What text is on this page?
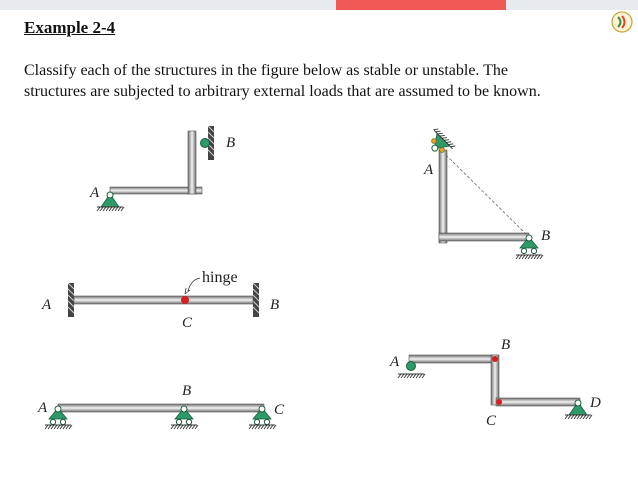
Example 2-4
Classify each of the structures in the figure below as stable or unstable. The
structures are subjected to arbitrary external loads that are assumed to be known.
A
B
A
B
hinge
A	B
C
A
B
C
D
A
B
C
